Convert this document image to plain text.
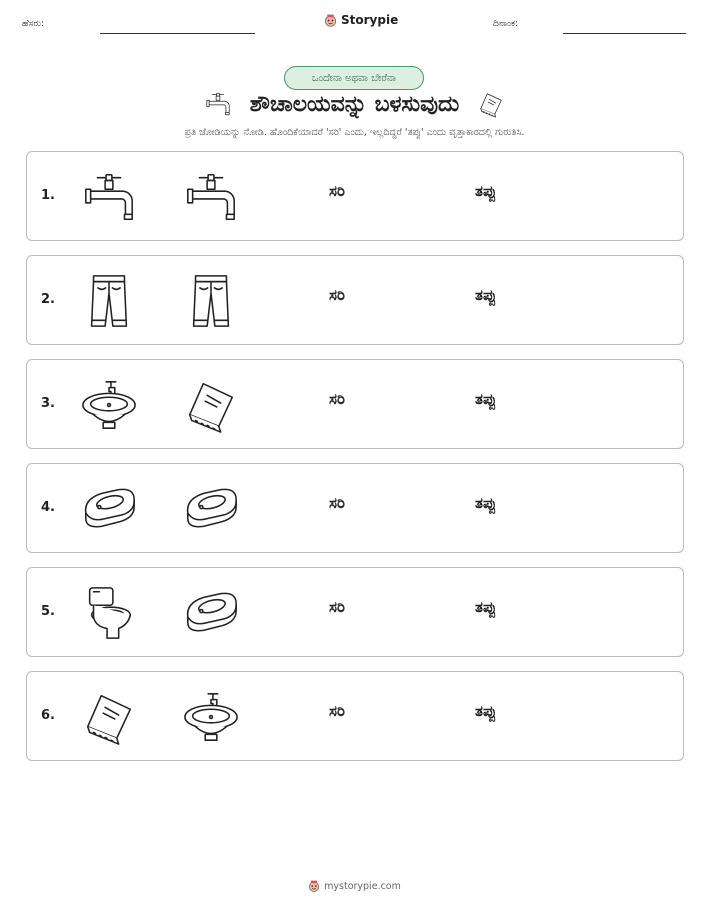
ಹೆಸರು:	Storypie	ದಿನಾಂಕ:
ಒಂದೇನಾ ಅಥವಾ ಬೇರೆನಾ
ಶೌಚಾಲಯವನ್ನು ಬಳಸುವುದು
ಪ್ರತಿ ಜೋಡಿಯನ್ನು ನೋಡಿ. ಹೊಂದಿಕೆಯಾದರೆ 'ಸರಿ' ಎಂದು, ಇಲ್ಲದಿದ್ದರೆ 'ತಪ್ಪು' ಎಂದು ವೃತ್ತಾಕಾರದಲ್ಲಿ ಗುರುತಿಸಿ.
1.	ಸರಿ	ತಪ್ಪು
2.	ಸರಿ	ತಪ್ಪು
3.	ಸರಿ	ತಪ್ಪು
4.	ಸರಿ	ತಪ್ಪು
5.	ಸರಿ	ತಪ್ಪು
6.	ಸರಿ	ತಪ್ಪು
mystorypie.com
